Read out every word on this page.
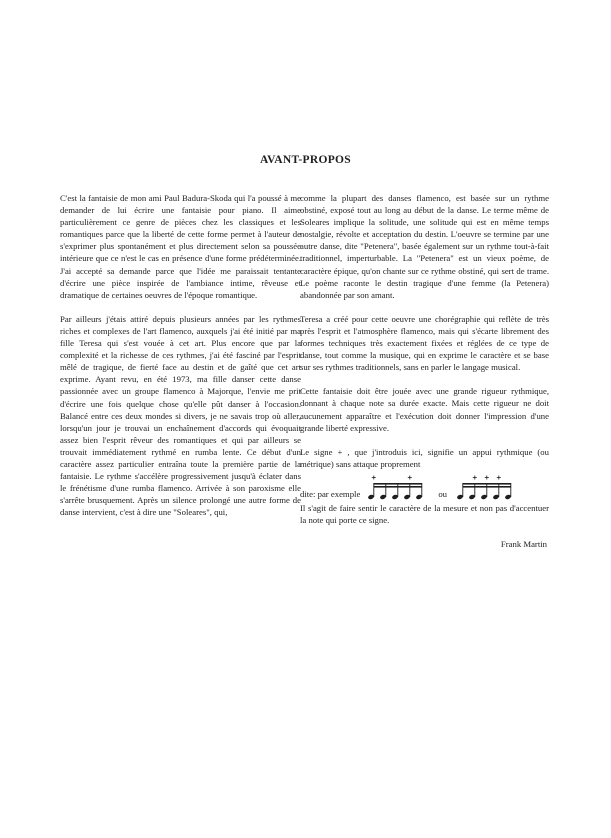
AVANT-PROPOS

C'est la fantaisie de mon ami Paul Badura-Skoda qui l'a poussé à me demander de lui écrire une fantaisie pour piano. Il aime particulièrement ce genre de pièces chez les classiques et les romantiques parce que la liberté de cette forme permet à l'auteur de s'exprimer plus spontanément et plus directement selon sa poussée intérieure que ce n'est le cas en présence d'une forme prédéterminée. J'ai accepté sa demande parce que l'idée me paraissait tentante d'écrire une pièce inspirée de l'ambiance intime, rêveuse et dramatique de certaines oeuvres de l'époque romantique.

Par ailleurs j'étais attiré depuis plusieurs années par les rythmes riches et complexes de l'art flamenco, auxquels j'ai été initié par ma fille Teresa qui s'est vouée à cet art. Plus encore que par la complexité et la richesse de ces rythmes, j'ai été fasciné par l'esprit mêlé de tragique, de fierté face au destin et de gaîté que cet art exprime. Ayant revu, en été 1973, ma fille danser cette danse passionnée avec un groupe flamenco à Majorque, l'envie me prit d'écrire une fois quelque chose qu'elle pût danser à l'occasion. Balancé entre ces deux mondes si divers, je ne savais trop où aller, lorsqu'un jour je trouvai un enchaînement d'accords qui évoquait assez bien l'esprit rêveur des romantiques et qui par ailleurs se trouvait immédiatement rythmé en rumba lente. Ce début d'un caractère assez particulier entraîna toute la première partie de la fantaisie. Le rythme s'accélère progressivement jusqu'à éclater dans le frénétisme d'une rumba flamenco. Arrivée à son paroxisme elle s'arrête brusquement. Après un silence prolongé une autre forme de danse intervient, c'est à dire une "Soleares", qui,

comme la plupart des danses flamenco, est basée sur un rythme obstiné, exposé tout au long au début de la danse. Le terme même de Soleares implique la solitude, une solitude qui est en même temps nostalgie, révolte et acceptation du destin. L'oeuvre se termine par une autre danse, dite "Petenera", basée également sur un rythme tout-à-fait traditionnel, imperturbable. La "Petenera" est un vieux poème, de caractère épique, qu'on chante sur ce rythme obstiné, qui sert de trame. Le poème raconte le destin tragique d'une femme (la Petenera) abandonnée par son amant.

Teresa a créé pour cette oeuvre une chorégraphie qui reflète de très près l'esprit et l'atmosphère flamenco, mais qui s'écarte librement des formes techniques très exactement fixées et réglées de ce type de danse, tout comme la musique, qui en exprime le caractère et se base sur ses rythmes traditionnels, sans en parler le langage musical.

Cette fantaisie doit être jouée avec une grande rigueur rythmique, donnant à chaque note sa durée exacte. Mais cette rigueur ne doit aucunement apparaître et l'exécution doit donner l'impression d'une grande liberté expressive.

Le signe + , que j'introduis ici, signifie un appui rythmique (ou métrique) sans attaque proprement
dite: par exemple	ou

Il s'agit de faire sentir le caractère de la mesure et non pas d'accentuer la note qui porte ce signe.

Frank Martin
